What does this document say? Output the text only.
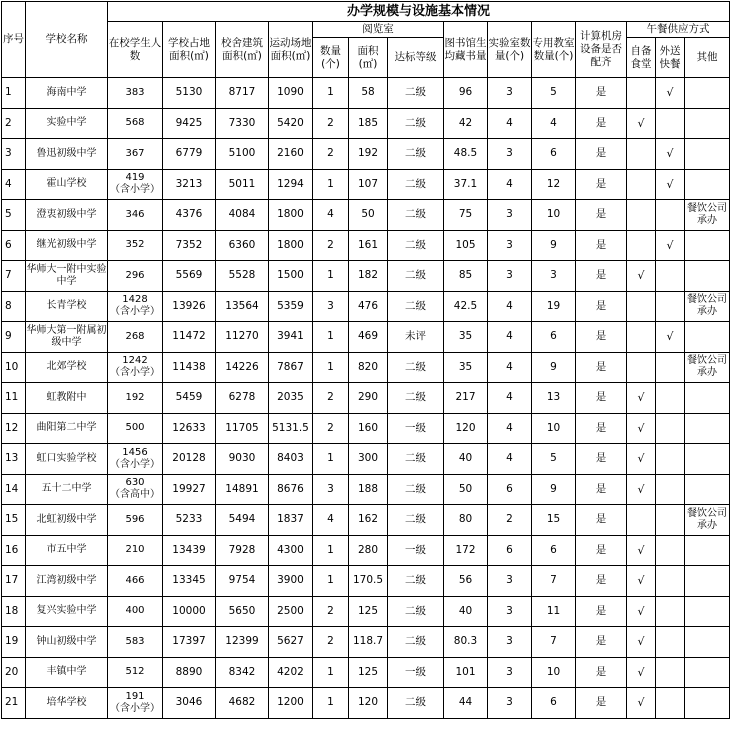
序号	学校名称	办学规模与设施基本情况													
		在校学生人数	学校占地面积(㎡)	校舍建筑面积(㎡)	运动场地面积(㎡)	阅览室			图书馆生均藏书量	实验室数量(个)	专用教室数量(个)	计算机房设备是否配齐	午餐供应方式		
						数量(个)	面积(㎡)	达标等级					自备食堂	外送快餐	其他
1	海南中学	383	5130	8717	1090	1	58	二级	96	3	5	是		√	
2	实验中学	568	9425	7330	5420	2	185	二级	42	4	4	是	√		
3	鲁迅初级中学	367	6779	5100	2160	2	192	二级	48.5	3	6	是		√	
4	霍山学校	419
（含小学）	3213	5011	1294	1	107	二级	37.1	4	12	是		√	
5	澄衷初级中学	346	4376	4084	1800	4	50	二级	75	3	10	是			餐饮公司承办
6	继光初级中学	352	7352	6360	1800	2	161	二级	105	3	9	是		√	
7	华师大一附中实验中学	296	5569	5528	1500	1	182	二级	85	3	3	是	√		
8	长青学校	1428
（含小学）	13926	13564	5359	3	476	二级	42.5	4	19	是			餐饮公司承办
9	华师大第一附属初级中学	268	11472	11270	3941	1	469	未评	35	4	6	是		√	
10	北郊学校	1242
（含小学）	11438	14226	7867	1	820	二级	35	4	9	是			餐饮公司承办
11	虹教附中	192	5459	6278	2035	2	290	二级	217	4	13	是	√		
12	曲阳第二中学	500	12633	11705	5131.5	2	160	一级	120	4	10	是	√		
13	虹口实验学校	1456
（含小学）	20128	9030	8403	1	300	二级	40	4	5	是	√		
14	五十二中学	630
（含高中）	19927	14891	8676	3	188	二级	50	6	9	是	√		
15	北虹初级中学	596	5233	5494	1837	4	162	二级	80	2	15	是			餐饮公司承办
16	市五中学	210	13439	7928	4300	1	280	一级	172	6	6	是	√		
17	江湾初级中学	466	13345	9754	3900	1	170.5	二级	56	3	7	是	√		
18	复兴实验中学	400	10000	5650	2500	2	125	二级	40	3	11	是	√		
19	钟山初级中学	583	17397	12399	5627	2	118.7	二级	80.3	3	7	是	√		
20	丰镇中学	512	8890	8342	4202	1	125	一级	101	3	10	是	√		
21	培华学校	191
（含小学）	3046	4682	1200	1	120	二级	44	3	6	是	√		
